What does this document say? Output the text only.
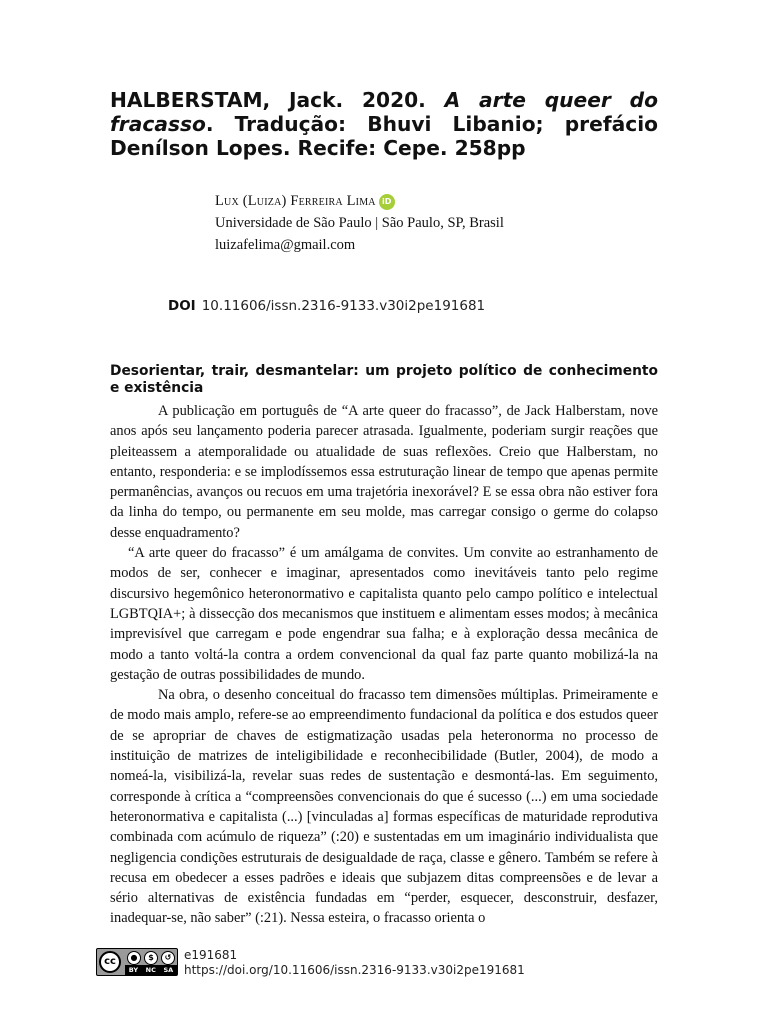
HALBERSTAM, Jack. 2020. A arte queer do fracasso. Tradução: Bhuvi Libanio; prefácio Denílson Lopes. Recife: Cepe. 258pp
Lux (Luiza) Ferreira Lima iD
Universidade de São Paulo | São Paulo, SP, Brasil
luizafelima@gmail.com
DOI 10.11606/issn.2316-9133.v30i2pe191681
Desorientar, trair, desmantelar: um projeto político de conhecimento e existência

A publicação em português de “A arte queer do fracasso”, de Jack Halberstam, nove anos após seu lançamento poderia parecer atrasada. Igualmente, poderiam surgir reações que pleiteassem a atemporalidade ou atualidade de suas reflexões. Creio que Halberstam, no entanto, responderia: e se implodíssemos essa estruturação linear de tempo que apenas permite permanências, avanços ou recuos em uma trajetória inexorável? E se essa obra não estiver fora da linha do tempo, ou permanente em seu molde, mas carregar consigo o germe do colapso desse enquadramento?

“A arte queer do fracasso” é um amálgama de convites. Um convite ao estranhamento de modos de ser, conhecer e imaginar, apresentados como inevitáveis tanto pelo regime discursivo hegemônico heteronormativo e capitalista quanto pelo campo político e intelectual LGBTQIA+; à dissecção dos mecanismos que instituem e alimentam esses modos; à mecânica imprevisível que carregam e pode engendrar sua falha; e à exploração dessa mecânica de modo a tanto voltá-la contra a ordem convencional da qual faz parte quanto mobilizá-la na gestação de outras possibilidades de mundo.

Na obra, o desenho conceitual do fracasso tem dimensões múltiplas. Primeiramente e de modo mais amplo, refere-se ao empreendimento fundacional da política e dos estudos queer de se apropriar de chaves de estigmatização usadas pela heteronorma no processo de instituição de matrizes de inteligibilidade e reconhecibilidade (Butler, 2004), de modo a nomeá-la, visibilizá-la, revelar suas redes de sustentação e desmontá-las. Em seguimento, corresponde à crítica a “compreensões convencionais do que é sucesso (...) em uma sociedade heteronormativa e capitalista (...) [vinculadas a] formas específicas de maturidade reprodutiva combinada com acúmulo de riqueza” (:20) e sustentadas em um imaginário individualista que negligencia condições estruturais de desigualdade de raça, classe e gênero. Também se refere à recusa em obedecer a esses padrões e ideais que subjazem ditas compreensões e de levar a sério alternativas de existência fundadas em “perder, esquecer, desconstruir, desfazer, inadequar-se, não saber” (:21). Nessa esteira, o fracasso orienta o

cc	●	$	↺
BY NC SA
e191681
https://doi.org/10.11606/issn.2316-9133.v30i2pe191681
